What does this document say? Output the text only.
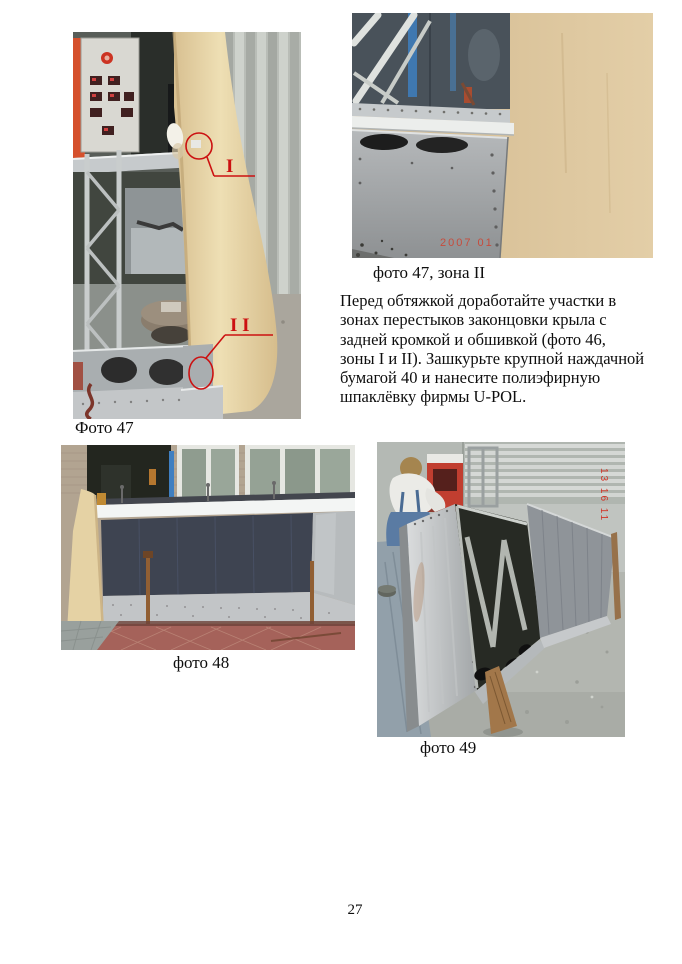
I
I I
2007 01
фото 47, зона II
Перед обтяжкой доработайте участки в
зонах перестыков законцовки крыла с
задней кромкой и обшивкой (фото 46,
зоны I и II). Зашкурьте крупной наждачной
бумагой 40 и нанесите полиэфирную
шпаклёвку фирмы U-POL.
Фото 47
фото 48
13 16 11
фото 49
27
